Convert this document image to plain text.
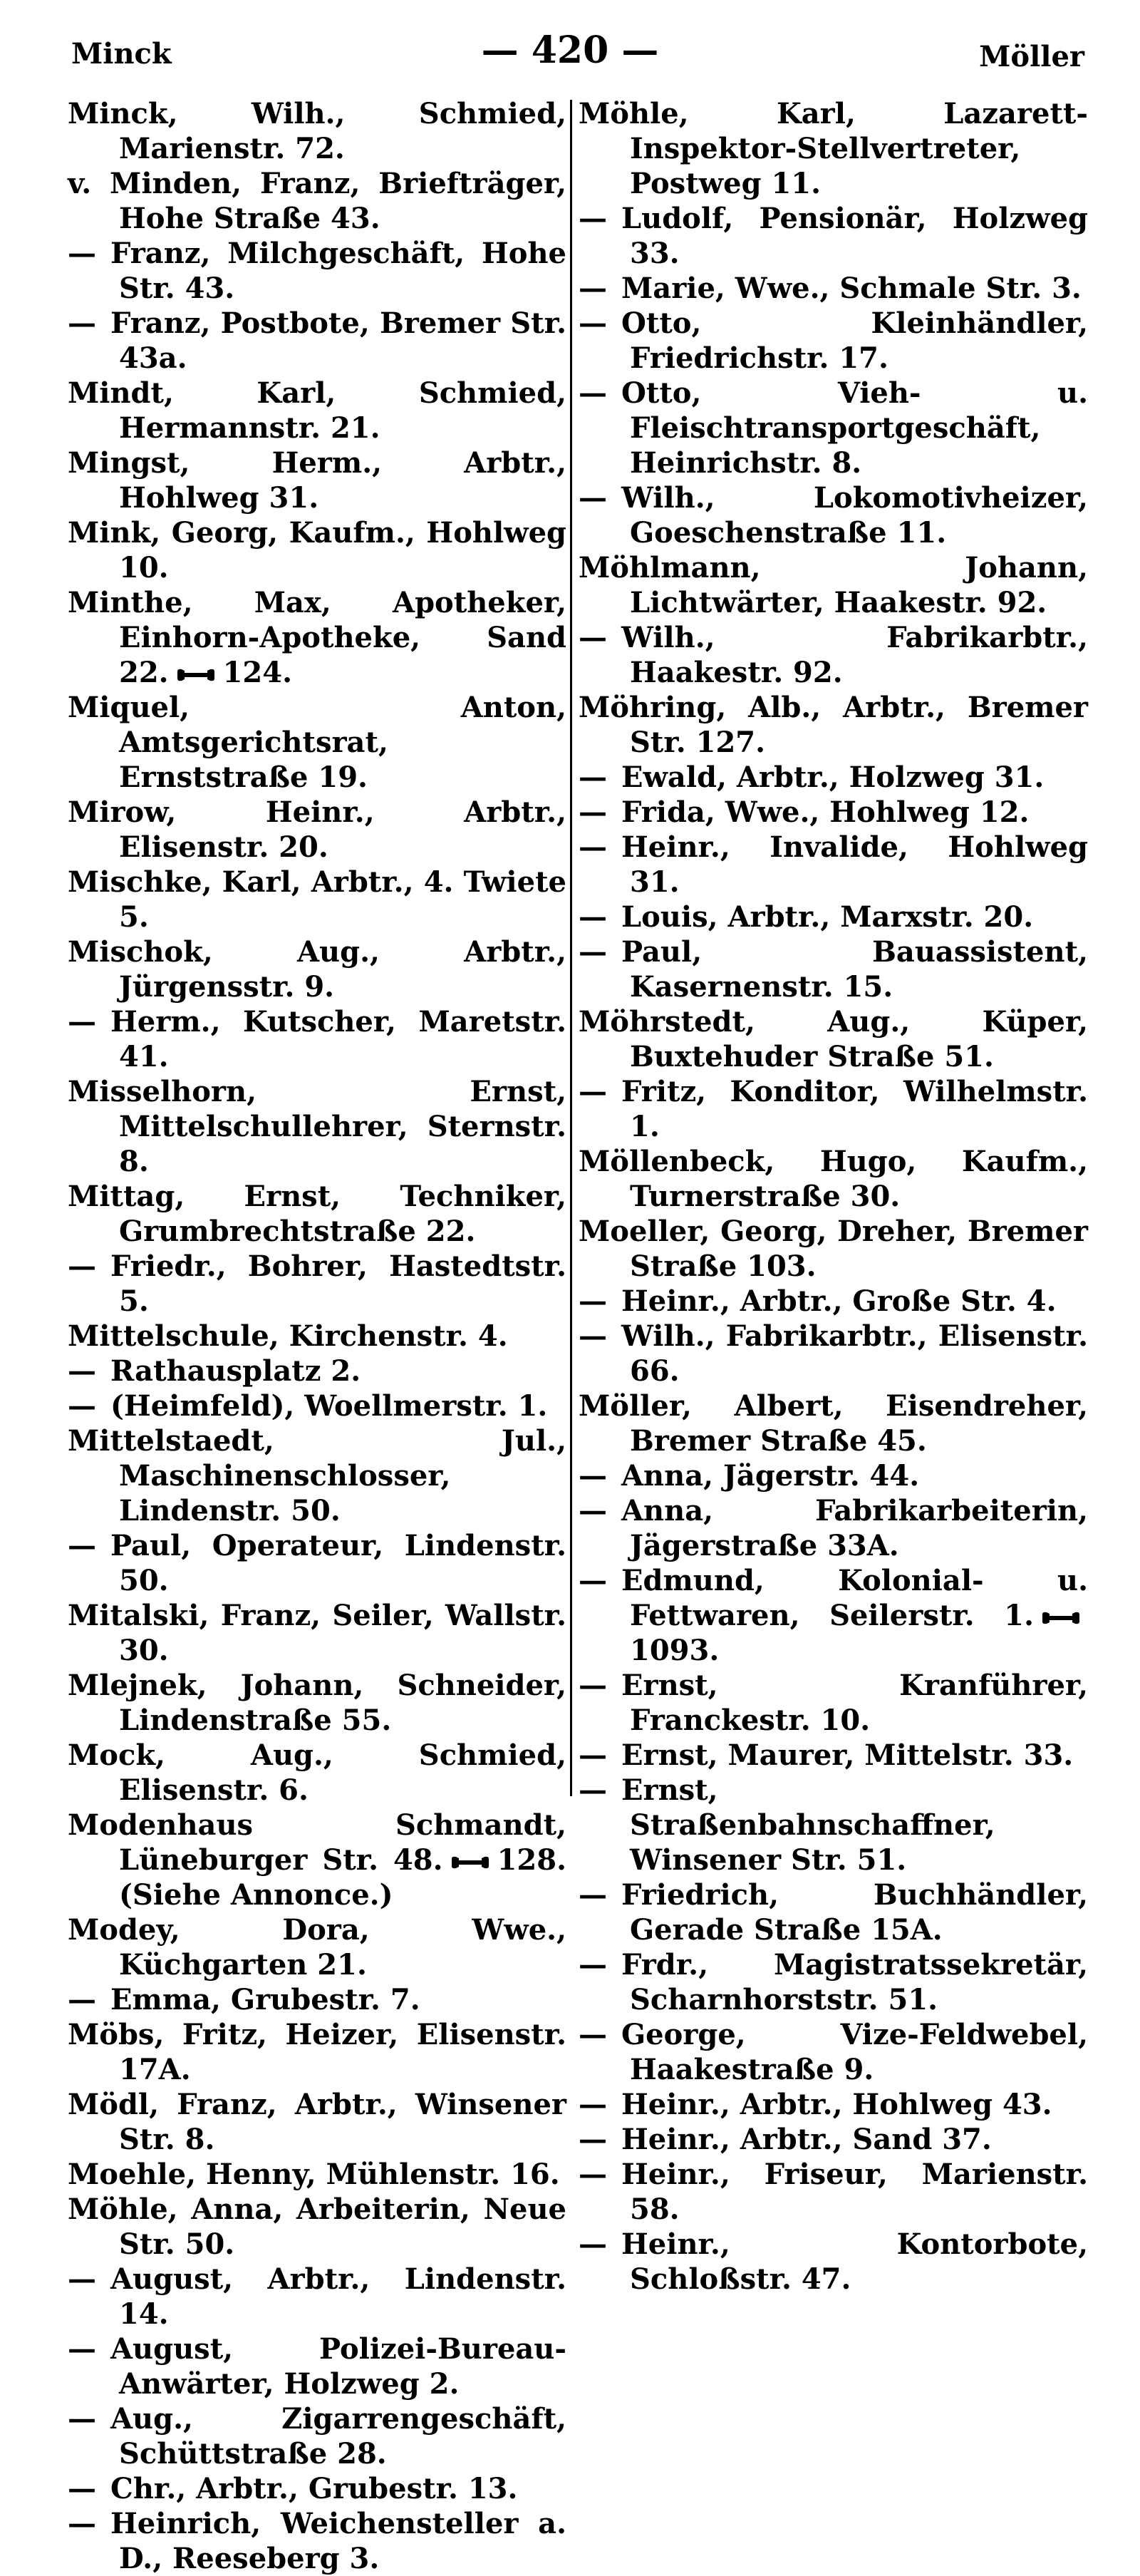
Minck	— 420 —	Möller

Minck, Wilh., Schmied, Marienstr. 72.

v. Minden, Franz, Briefträger, Hohe Straße 43.

— Franz, Milchgeschäft, Hohe Str. 43.

— Franz, Postbote, Bremer Str. 43a.

Mindt, Karl, Schmied, Hermannstr. 21.

Mingst, Herm., Arbtr., Hohlweg 31.

Mink, Georg, Kaufm., Hohlweg 10.

Minthe, Max, Apotheker, Einhorn-Apotheke, Sand 22. 124.

Miquel, Anton, Amtsgerichtsrat, Ernststraße 19.

Mirow, Heinr., Arbtr., Elisenstr. 20.

Mischke, Karl, Arbtr., 4. Twiete 5.

Mischok, Aug., Arbtr., Jürgensstr. 9.

— Herm., Kutscher, Maretstr. 41.

Misselhorn, Ernst, Mittelschullehrer, Sternstr. 8.

Mittag, Ernst, Techniker, Grumbrechtstraße 22.

— Friedr., Bohrer, Hastedtstr. 5.

Mittelschule, Kirchenstr. 4.

— Rathausplatz 2.

— (Heimfeld), Woellmerstr. 1.

Mittelstaedt, Jul., Maschinenschlosser, Lindenstr. 50.

— Paul, Operateur, Lindenstr. 50.

Mitalski, Franz, Seiler, Wallstr. 30.

Mlejnek, Johann, Schneider, Lindenstraße 55.

Mock, Aug., Schmied, Elisenstr. 6.

Modenhaus Schmandt, Lüneburger Str. 48. 128. (Siehe Annonce.)

Modey, Dora, Wwe., Küchgarten 21.

— Emma, Grubestr. 7.

Möbs, Fritz, Heizer, Elisenstr. 17A.

Mödl, Franz, Arbtr., Winsener Str. 8.

Moehle, Henny, Mühlenstr. 16.

Möhle, Anna, Arbeiterin, Neue Str. 50.

— August, Arbtr., Lindenstr. 14.

— August, Polizei-Bureau-Anwärter, Holzweg 2.

— Aug., Zigarrengeschäft, Schüttstraße 28.

— Chr., Arbtr., Grubestr. 13.

— Heinrich, Weichensteller a. D., Reeseberg 3.

Möhle, Karl, Lazarett-Inspektor-Stellvertreter, Postweg 11.

— Ludolf, Pensionär, Holzweg 33.

— Marie, Wwe., Schmale Str. 3.

— Otto, Kleinhändler, Friedrichstr. 17.

— Otto, Vieh- u. Fleischtransportgeschäft, Heinrichstr. 8.

— Wilh., Lokomotivheizer, Goeschenstraße 11.

Möhlmann, Johann, Lichtwärter, Haakestr. 92.

— Wilh., Fabrikarbtr., Haakestr. 92.

Möhring, Alb., Arbtr., Bremer Str. 127.

— Ewald, Arbtr., Holzweg 31.

— Frida, Wwe., Hohlweg 12.

— Heinr., Invalide, Hohlweg 31.

— Louis, Arbtr., Marxstr. 20.

— Paul, Bauassistent, Kasernenstr. 15.

Möhrstedt, Aug., Küper, Buxtehuder Straße 51.

— Fritz, Konditor, Wilhelmstr. 1.

Möllenbeck, Hugo, Kaufm., Turnerstraße 30.

Moeller, Georg, Dreher, Bremer Straße 103.

— Heinr., Arbtr., Große Str. 4.

— Wilh., Fabrikarbtr., Elisenstr. 66.

Möller, Albert, Eisendreher, Bremer Straße 45.

— Anna, Jägerstr. 44.

— Anna, Fabrikarbeiterin, Jägerstraße 33A.

— Edmund, Kolonial- u. Fettwaren, Seilerstr. 1.1093.

— Ernst, Kranführer, Franckestr. 10.

— Ernst, Maurer, Mittelstr. 33.

— Ernst, Straßenbahnschaffner, Winsener Str. 51.

— Friedrich, Buchhändler, Gerade Straße 15A.

— Frdr., Magistratssekretär, Scharnhorststr. 51.

— George, Vize-Feldwebel, Haakestraße 9.

— Heinr., Arbtr., Hohlweg 43.

— Heinr., Arbtr., Sand 37.

— Heinr., Friseur, Marienstr. 58.

— Heinr., Kontorbote, Schloßstr. 47.
